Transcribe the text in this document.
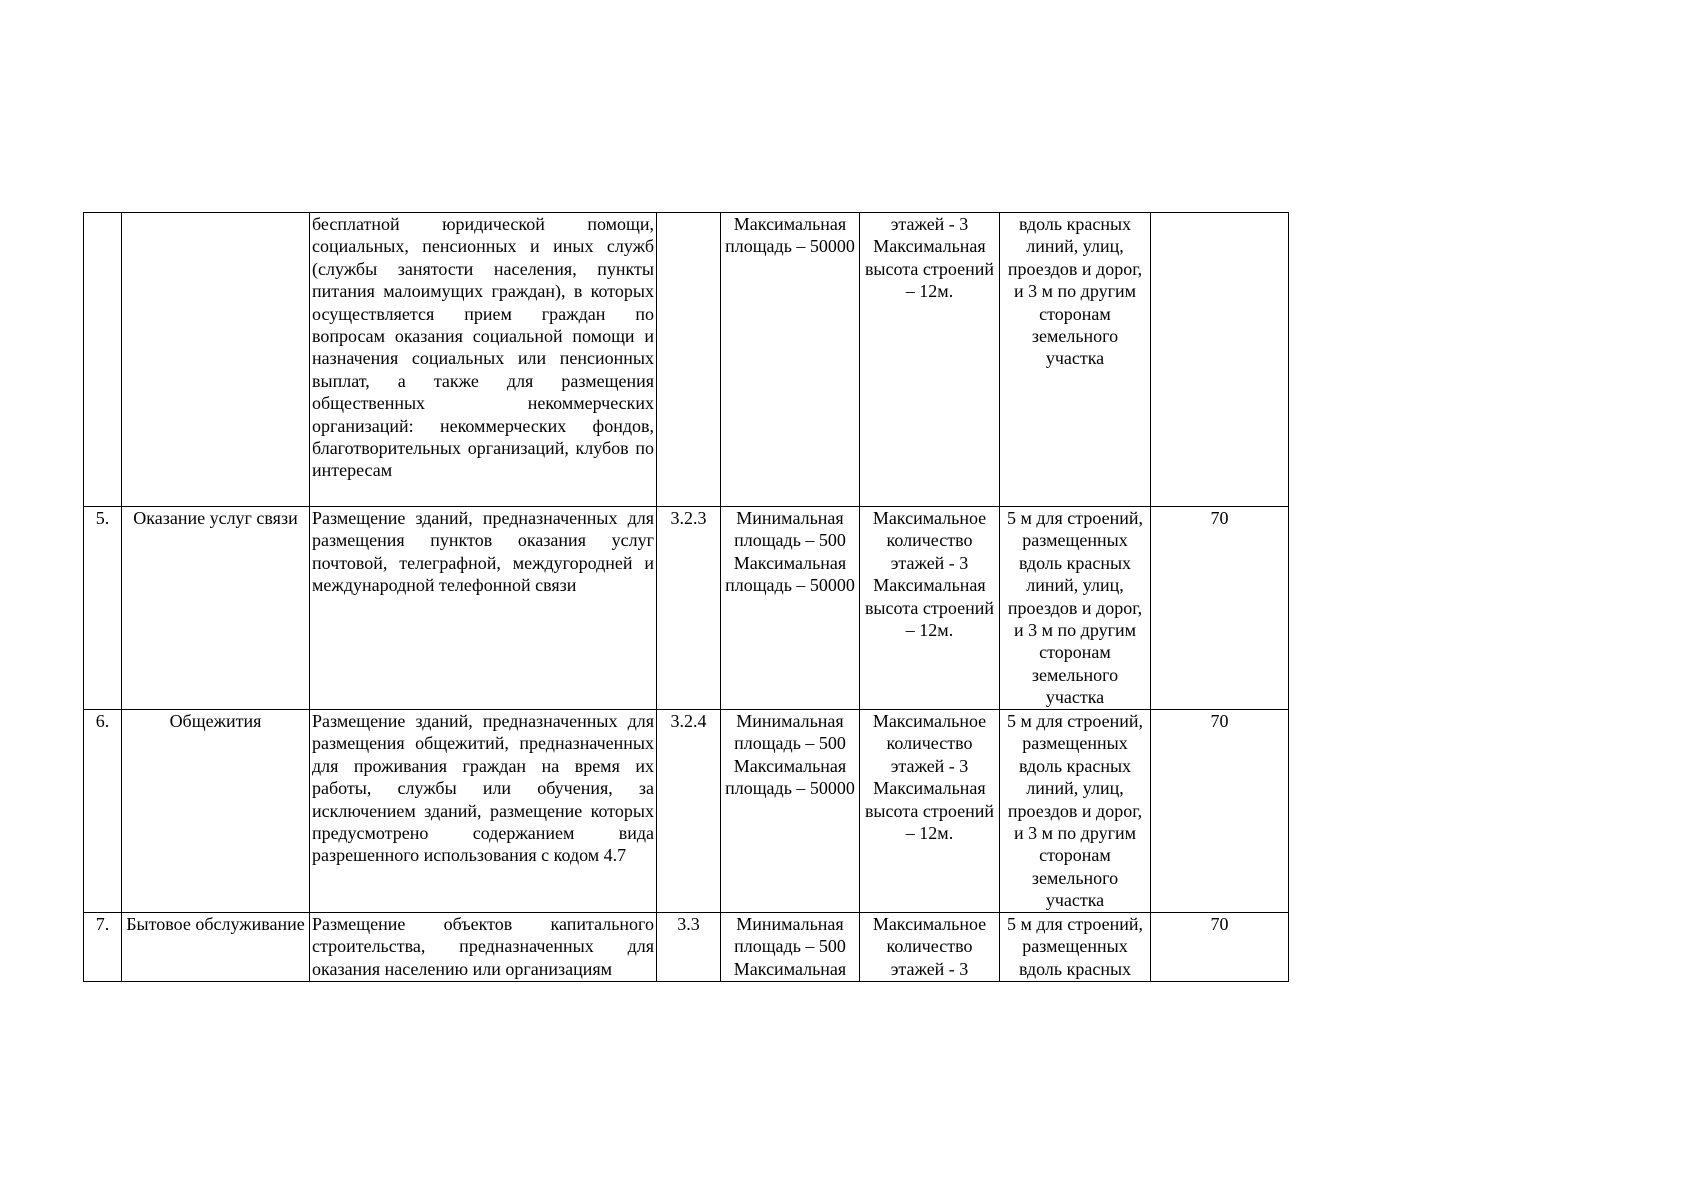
		бесплатной юридической помощи, социальных, пенсионных и иных служб (службы занятости населения, пункты питания малоимущих граждан), в которых осуществляется прием граждан по вопросам оказания социальной помощи и назначения социальных или пенсионных выплат, а также для размещения общественных некоммерческих организаций: некоммерческих фондов, благотворительных организаций, клубов по интересам		Максимальная площадь – 50000	этажей - 3 Максимальная высота строений – 12м.	вдоль красных линий, улиц, проездов и дорог, и 3 м по другим сторонам земельного участка	
5.	Оказание услуг связи	Размещение зданий, предназначенных для размещения пунктов оказания услуг почтовой, телеграфной, междугородней и международной телефонной связи	3.2.3	Минимальная площадь – 500 Максимальная площадь – 50000	Максимальное количество этажей - 3 Максимальная высота строений – 12м.	5 м для строений, размещенных вдоль красных линий, улиц, проездов и дорог, и 3 м по другим сторонам земельного участка	70
6.	Общежития	Размещение зданий, предназначенных для размещения общежитий, предназначенных для проживания граждан на время их работы, службы или обучения, за исключением зданий, размещение которых предусмотрено содержанием вида разрешенного использования с кодом 4.7	3.2.4	Минимальная площадь – 500 Максимальная площадь – 50000	Максимальное количество этажей - 3 Максимальная высота строений – 12м.	5 м для строений, размещенных вдоль красных линий, улиц, проездов и дорог, и 3 м по другим сторонам земельного участка	70
7.	Бытовое обслуживание	Размещение объектов капитального строительства, предназначенных для оказания населению или организациям	3.3	Минимальная площадь – 500 Максимальная	Максимальное количество этажей - 3	5 м для строений, размещенных вдоль красных	70
